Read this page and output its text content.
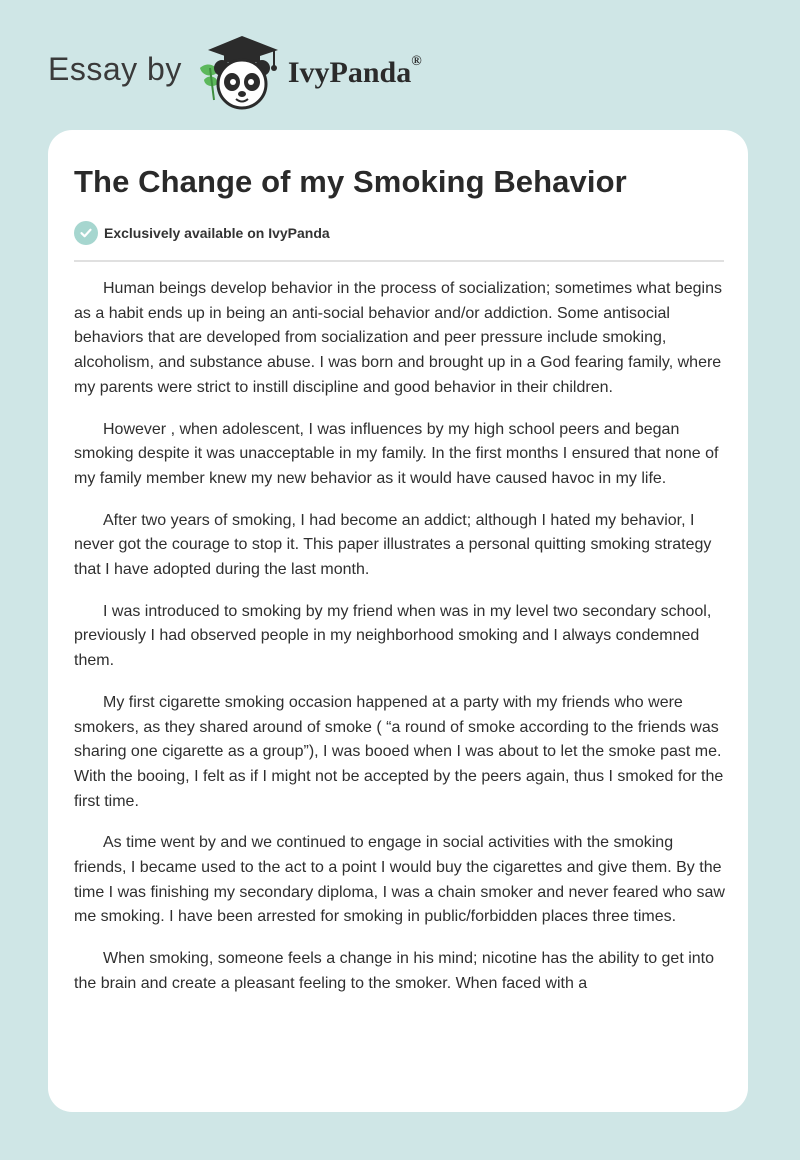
Essay by	IvyPanda®
The Change of my Smoking Behavior
Exclusively available on IvyPanda

Human beings develop behavior in the process of socialization; sometimes what begins as a habit ends up in being an anti-social behavior and/or addiction. Some antisocial behaviors that are developed from socialization and peer pressure include smoking, alcoholism, and substance abuse. I was born and brought up in a God fearing family, where my parents were strict to instill discipline and good behavior in their children.

However , when adolescent, I was influences by my high school peers and began smoking despite it was unacceptable in my family. In the first months I ensured that none of my family member knew my new behavior as it would have caused havoc in my life.

After two years of smoking, I had become an addict; although I hated my behavior, I never got the courage to stop it. This paper illustrates a personal quitting smoking strategy that I have adopted during the last month.

I was introduced to smoking by my friend when was in my level two secondary school, previously I had observed people in my neighborhood smoking and I always condemned them.

My first cigarette smoking occasion happened at a party with my friends who were smokers, as they shared around of smoke ( “a round of smoke according to the friends was sharing one cigarette as a group”), I was booed when I was about to let the smoke past me. With the booing, I felt as if I might not be accepted by the peers again, thus I smoked for the first time.

As time went by and we continued to engage in social activities with the smoking friends, I became used to the act to a point I would buy the cigarettes and give them. By the time I was finishing my secondary diploma, I was a chain smoker and never feared who saw me smoking. I have been arrested for smoking in public/forbidden places three times.

When smoking, someone feels a change in his mind; nicotine has the ability to get into the brain and create a pleasant feeling to the smoker. When faced with a
